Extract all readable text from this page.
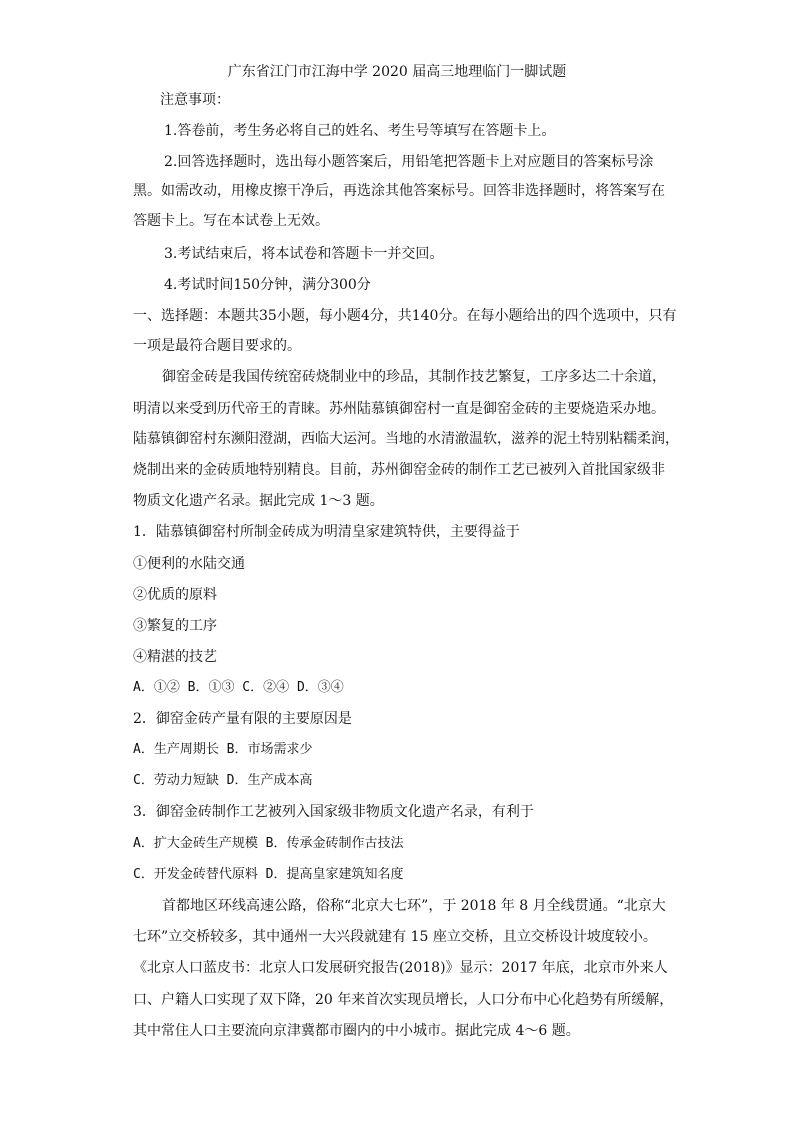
广东省江门市江海中学 2020 届高三地理临门一脚试题
注意事项：
1.答卷前，考生务必将自己的姓名、考生号等填写在答题卡上。
2.回答选择题时，选出每小题答案后，用铅笔把答题卡上对应题目的答案标号涂
黑。如需改动，用橡皮擦干净后，再选涂其他答案标号。回答非选择题时，将答案写在
答题卡上。写在本试卷上无效。
3.考试结束后，将本试卷和答题卡一并交回。
4.考试时间150分钟，满分300分
一、选择题：本题共35小题，每小题4分，共140分。在每小题给出的四个选项中，只有
一项是最符合题目要求的。
御窑金砖是我国传统窑砖烧制业中的珍品，其制作技艺繁复，工序多达二十余道，
明清以来受到历代帝王的青睐。苏州陆慕镇御窑村一直是御窑金砖的主要烧造采办地。
陆慕镇御窑村东濒阳澄湖，西临大运河。当地的水清澈温软，滋养的泥土特别粘糯柔润，
烧制出来的金砖质地特别精良。目前，苏州御窑金砖的制作工艺已被列入首批国家级非
物质文化遗产名录。据此完成 1～3 题。
1．陆慕镇御窑村所制金砖成为明清皇家建筑特供，主要得益于
①便利的水陆交通
②优质的原料
③繁复的工序
④精湛的技艺
A．①② B．①③ C．②④ D．③④
2．御窑金砖产量有限的主要原因是
A．生产周期长 B．市场需求少
C．劳动力短缺 D．生产成本高
3．御窑金砖制作工艺被列入国家级非物质文化遗产名录，有利于
A．扩大金砖生产规模 B．传承金砖制作古技法
C．开发金砖替代原料 D．提高皇家建筑知名度
首都地区环线高速公路，俗称“北京大七环”，于 2018 年 8 月全线贯通。“北京大
七环”立交桥较多，其中通州一大兴段就建有 15 座立交桥，且立交桥设计坡度较小。
《北京人口蓝皮书：北京人口发展研究报告(2018)》显示：2017 年底，北京市外来人
口、户籍人口实现了双下降，20 年来首次实现员增长，人口分布中心化趋势有所缓解，
其中常住人口主要流向京津冀都市圈内的中小城市。据此完成 4～6 题。
